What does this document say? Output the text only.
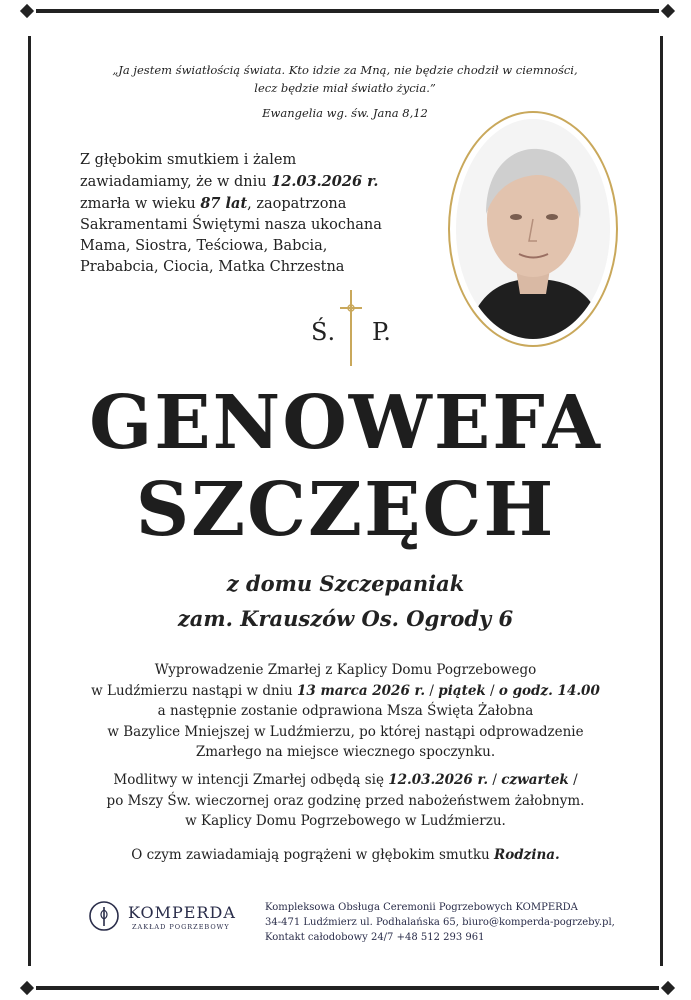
„Ja jestem światłością świata. Kto idzie za Mną, nie będzie chodził w ciemności,
lecz będzie miał światło życia.”
Ewangelia wg. św. Jana 8,12
Z głębokim smutkiem i żalem
zawiadamiamy, że w dniu 12.03.2026 r.
zmarła w wieku 87 lat, zaopatrzona
Sakramentami Świętymi nasza ukochana
Mama, Siostra, Teściowa, Babcia,
Prababcia, Ciocia, Matka Chrzestna
Ś. P.
GENOWEFA
SZCZĘCH
z domu Szczepaniak
zam. Krauszów Os. Ogrody 6
Wyprowadzenie Zmarłej z Kaplicy Domu Pogrzebowego
w Ludźmierzu nastąpi w dniu 13 marca 2026 r. / piątek / o godz. 14.00
a następnie zostanie odprawiona Msza Święta Żałobna
w Bazylice Mniejszej w Ludźmierzu, po której nastąpi odprowadzenie
Zmarłego na miejsce wiecznego spoczynku.
Modlitwy w intencji Zmarłej odbędą się 12.03.2026 r. / czwartek /
po Mszy Św. wieczornej oraz godzinę przed nabożeństwem żałobnym.
w Kaplicy Domu Pogrzebowego w Ludźmierzu.
O czym zawiadamiają pogrążeni w głębokim smutku Rodzina.
KOMPERDA
ZAKŁAD POGRZEBOWY
Kompleksowa Obsługa Ceremonii Pogrzebowych KOMPERDA
34-471 Ludźmierz ul. Podhalańska 65, biuro@komperda-pogrzeby.pl,
Kontakt całodobowy 24/7 +48 512 293 961
